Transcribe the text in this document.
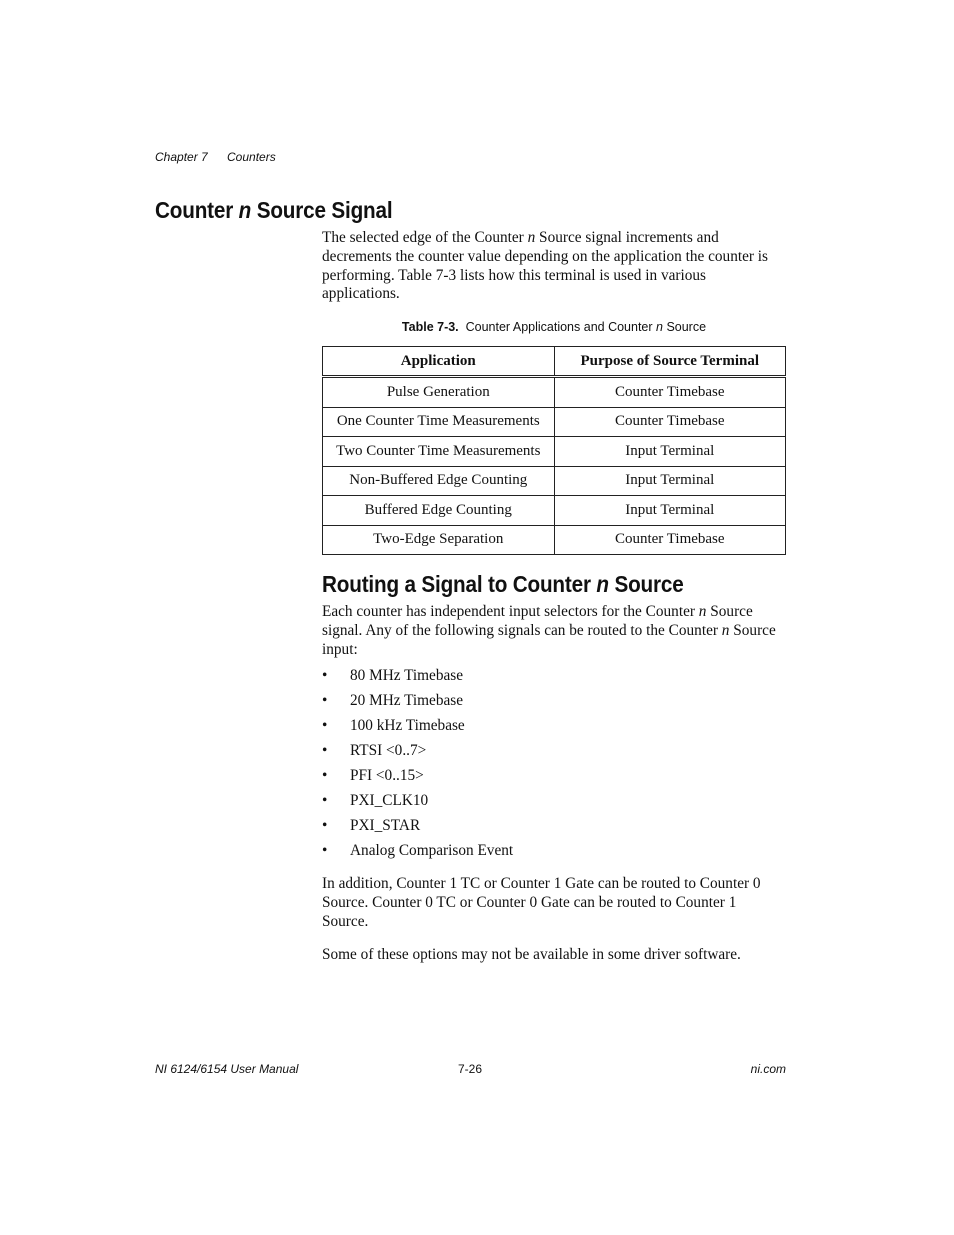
Chapter 7 Counters
Counter n Source Signal
The selected edge of the Counter n Source signal increments and decrements the counter value depending on the application the counter is performing. Table 7-3 lists how this terminal is used in various applications.
Table 7-3. Counter Applications and Counter n Source
Application	Purpose of Source Terminal
Pulse Generation	Counter Timebase
One Counter Time Measurements	Counter Timebase
Two Counter Time Measurements	Input Terminal
Non-Buffered Edge Counting	Input Terminal
Buffered Edge Counting	Input Terminal
Two-Edge Separation	Counter Timebase
Routing a Signal to Counter n Source
Each counter has independent input selectors for the Counter n Source signal. Any of the following signals can be routed to the Counter n Source input:
• 80 MHz Timebase
• 20 MHz Timebase
• 100 kHz Timebase
• RTSI <0..7>
• PFI <0..15>
• PXI_CLK10
• PXI_STAR
• Analog Comparison Event
In addition, Counter 1 TC or Counter 1 Gate can be routed to Counter 0 Source. Counter 0 TC or Counter 0 Gate can be routed to Counter 1 Source.
Some of these options may not be available in some driver software.
NI 6124/6154 User Manual	7-26	ni.com
